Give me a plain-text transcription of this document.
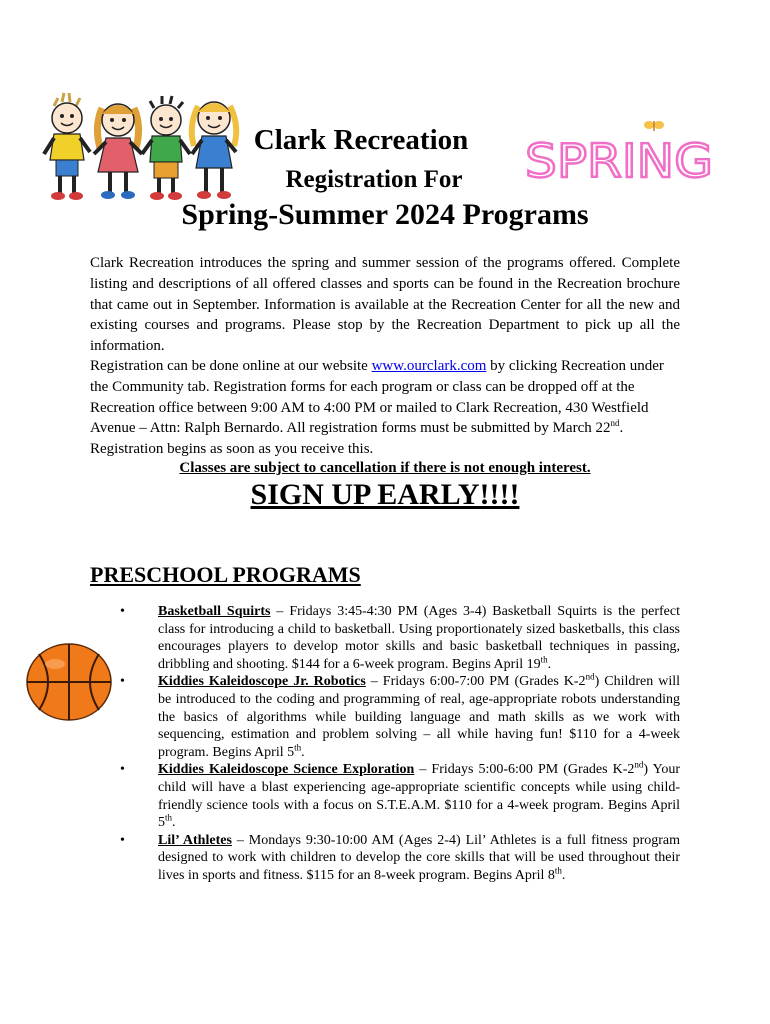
Clark Recreation
Registration For
Spring-Summer 2024 Programs
SPRING
Clark Recreation introduces the spring and summer session of the programs offered. Complete listing and descriptions of all offered classes and sports can be found in the Recreation brochure that came out in September. Information is available at the Recreation Center for all the new and existing courses and programs. Please stop by the Recreation Department to pick up all the information.
Registration can be done online at our website www.ourclark.com by clicking Recreation under the Community tab. Registration forms for each program or class can be dropped off at the Recreation office between 9:00 AM to 4:00 PM or mailed to Clark Recreation, 430 Westfield Avenue – Attn: Ralph Bernardo. All registration forms must be submitted by March 22nd. Registration begins as soon as you receive this.
Classes are subject to cancellation if there is not enough interest.
SIGN UP EARLY!!!!
PRESCHOOL PROGRAMS
• Basketball Squirts – Fridays 3:45-4:30 PM (Ages 3-4) Basketball Squirts is the perfect class for introducing a child to basketball. Using proportionately sized basketballs, this class encourages players to develop motor skills and basic basketball techniques in passing, dribbling and shooting. $144 for a 6-week program. Begins April 19th.
• Kiddies Kaleidoscope Jr. Robotics – Fridays 6:00-7:00 PM (Grades K-2nd) Children will be introduced to the coding and programming of real, age-appropriate robots understanding the basics of algorithms while building language and math skills as we work with sequencing, estimation and problem solving – all while having fun! $110 for a 4-week program. Begins April 5th.
• Kiddies Kaleidoscope Science Exploration – Fridays 5:00-6:00 PM (Grades K-2nd) Your child will have a blast experiencing age-appropriate scientific concepts while using child-friendly science tools with a focus on S.T.E.A.M. $110 for a 4-week program. Begins April 5th.
• Lil’ Athletes – Mondays 9:30-10:00 AM (Ages 2-4) Lil’ Athletes is a full fitness program designed to work with children to develop the core skills that will be used throughout their lives in sports and fitness. $115 for an 8-week program. Begins April 8th.
